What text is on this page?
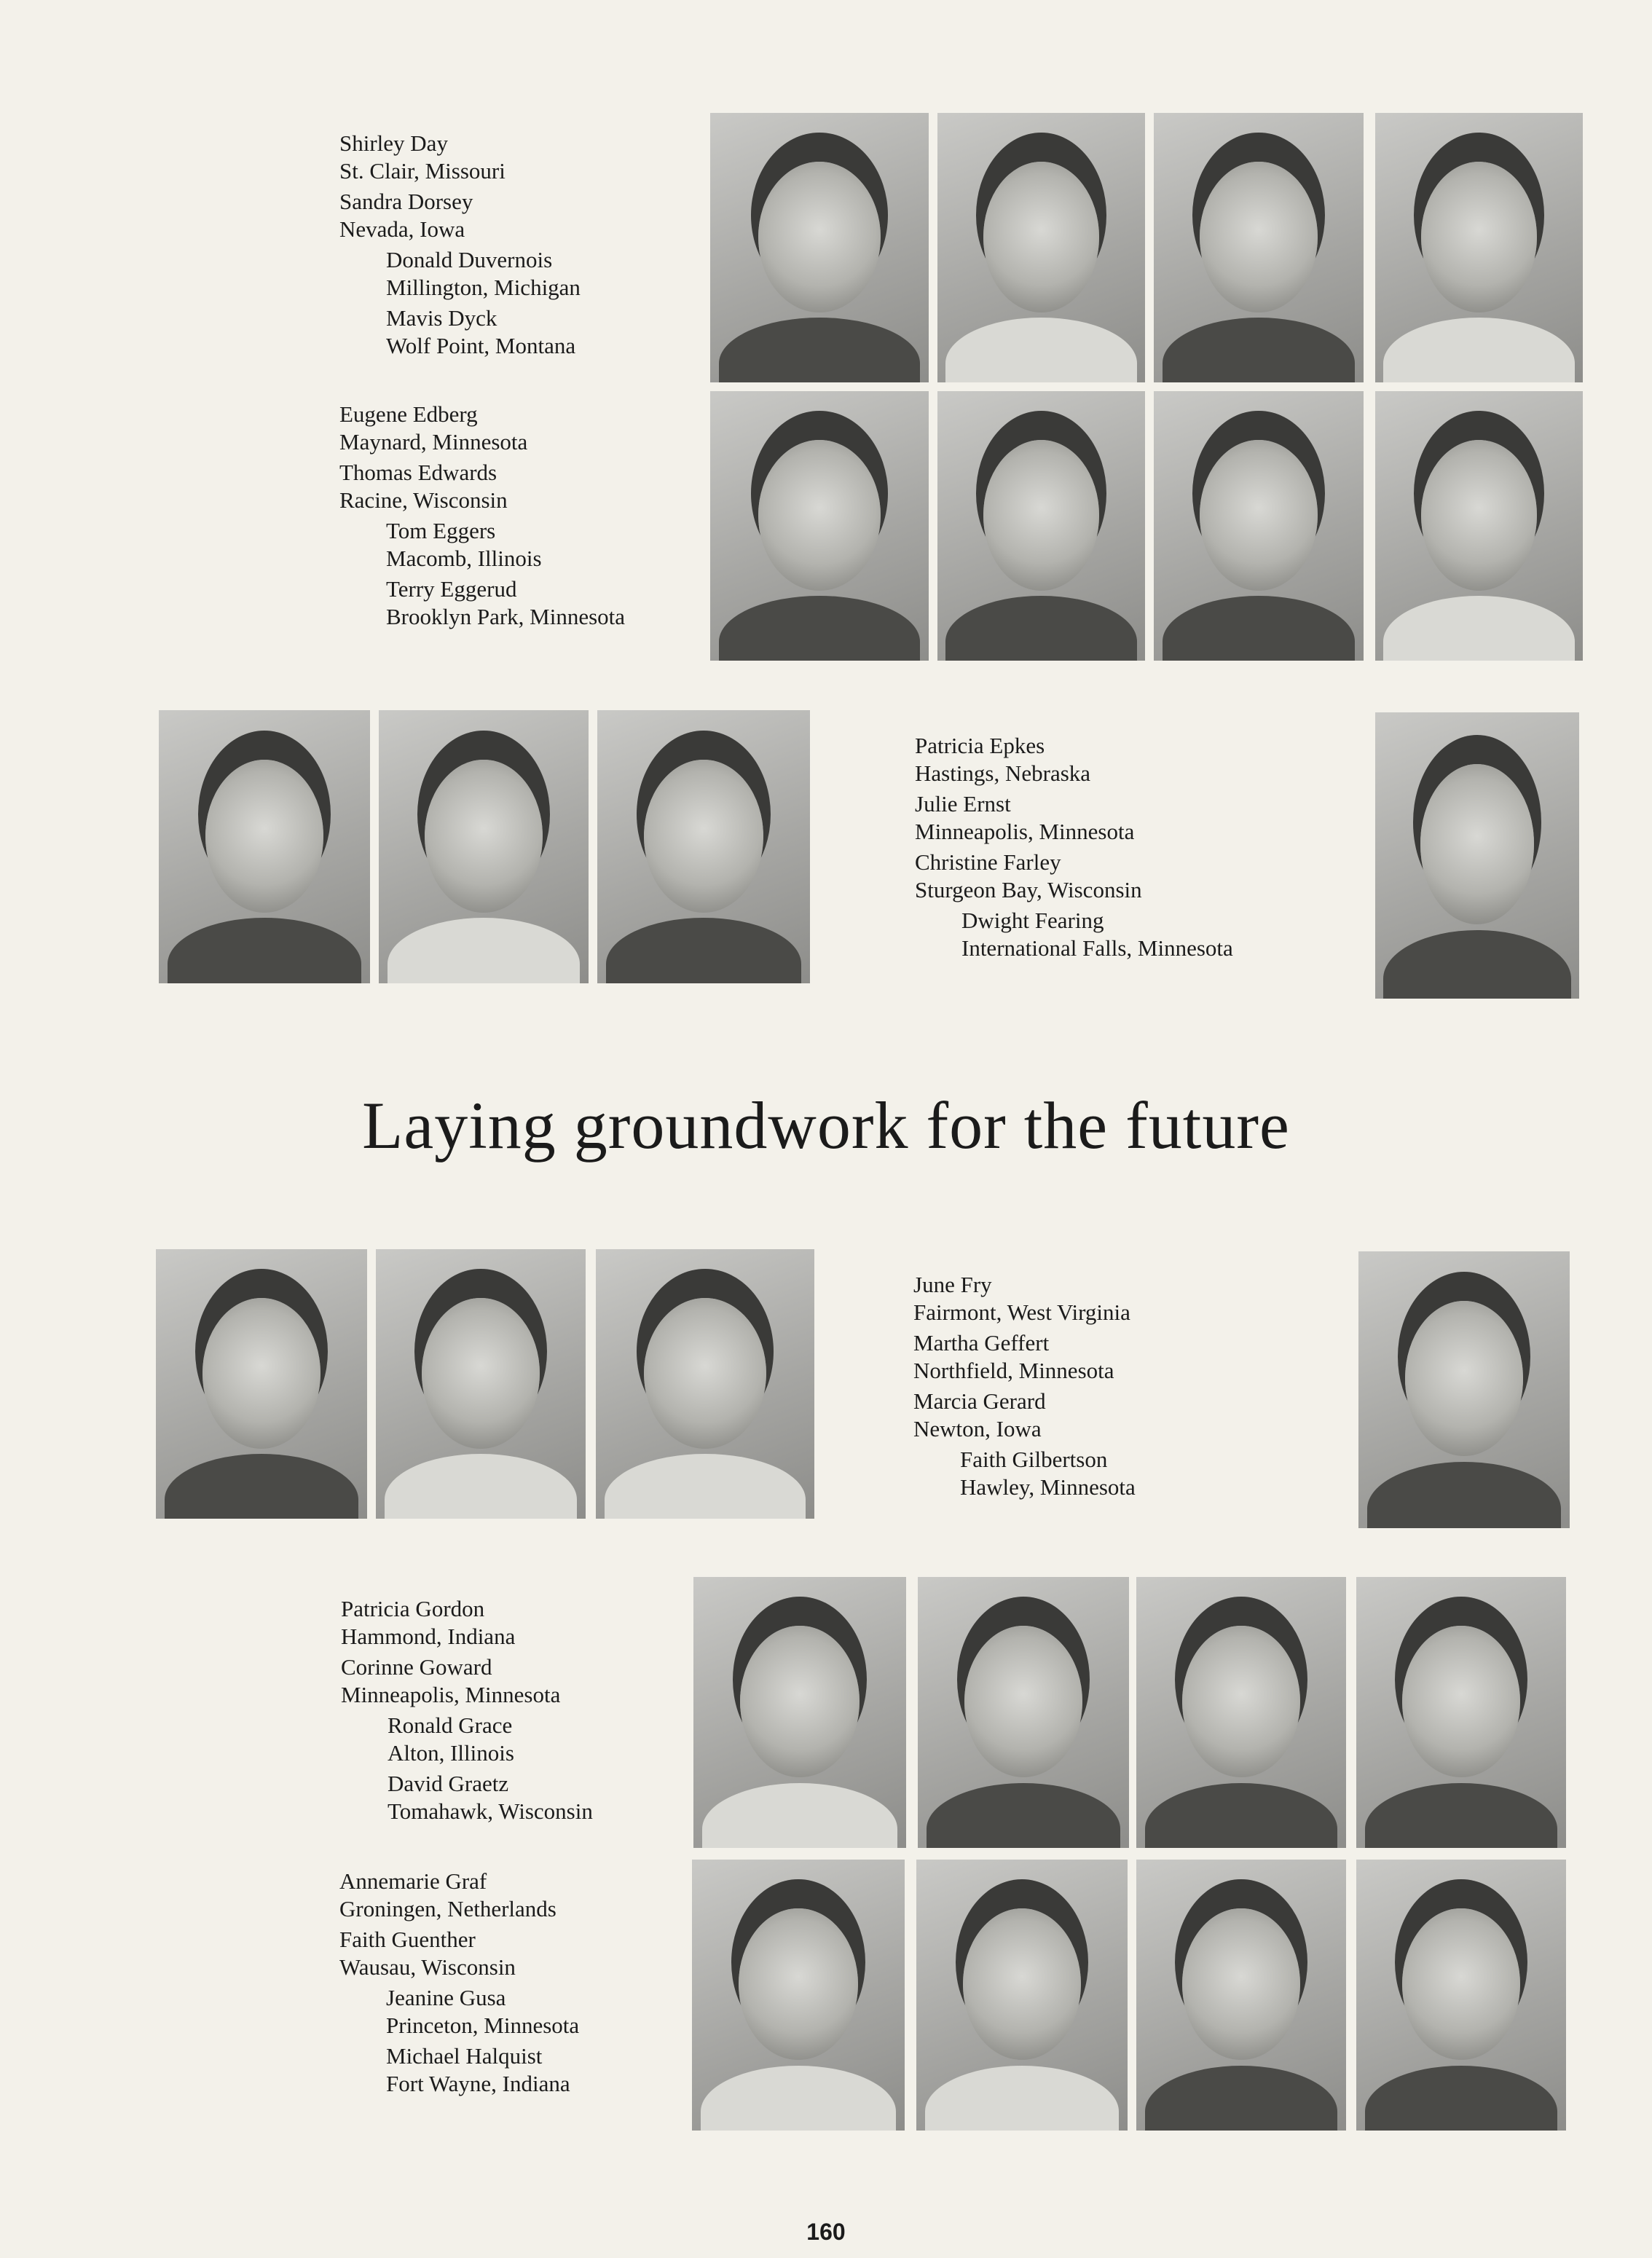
Shirley Day
St. Clair, Missouri
Sandra Dorsey
Nevada, Iowa
Donald Duvernois
Millington, Michigan
Mavis Dyck
Wolf Point, Montana
Eugene Edberg
Maynard, Minnesota
Thomas Edwards
Racine, Wisconsin
Tom Eggers
Macomb, Illinois
Terry Eggerud
Brooklyn Park, Minnesota
Patricia Epkes
Hastings, Nebraska
Julie Ernst
Minneapolis, Minnesota
Christine Farley
Sturgeon Bay, Wisconsin
Dwight Fearing
International Falls, Minnesota
Laying groundwork for the future
June Fry
Fairmont, West Virginia
Martha Geffert
Northfield, Minnesota
Marcia Gerard
Newton, Iowa
Faith Gilbertson
Hawley, Minnesota
Patricia Gordon
Hammond, Indiana
Corinne Goward
Minneapolis, Minnesota
Ronald Grace
Alton, Illinois
David Graetz
Tomahawk, Wisconsin
Annemarie Graf
Groningen, Netherlands
Faith Guenther
Wausau, Wisconsin
Jeanine Gusa
Princeton, Minnesota
Michael Halquist
Fort Wayne, Indiana
160
